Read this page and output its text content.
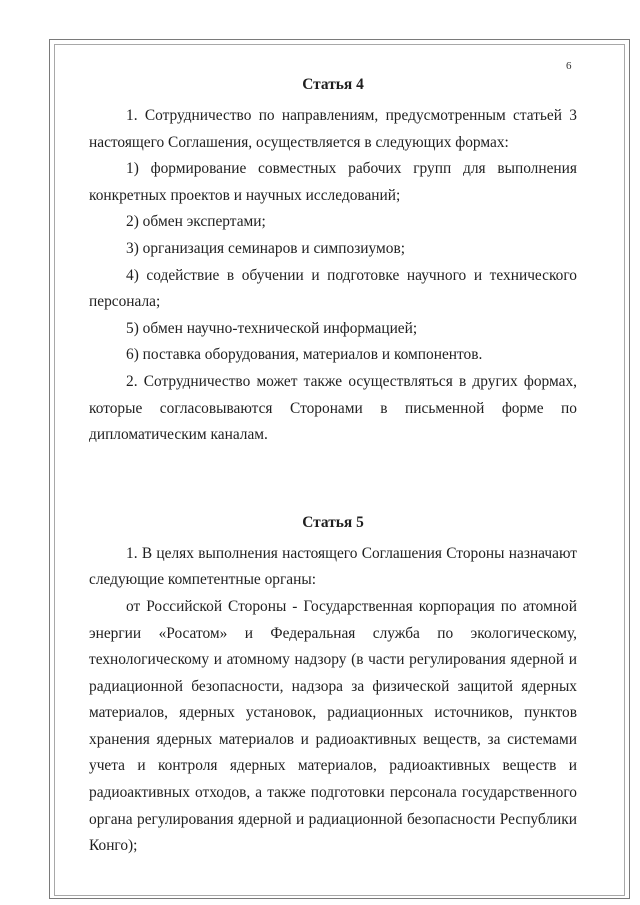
6
Статья 4

1. Сотрудничество по направлениям, предусмотренным статьей 3 настоящего Соглашения, осуществляется в следующих формах:

1) формирование совместных рабочих групп для выполнения конкретных проектов и научных исследований;

2) обмен экспертами;

3) организация семинаров и симпозиумов;

4) содействие в обучении и подготовке научного и технического персонала;

5) обмен научно-технической информацией;

6) поставка оборудования, материалов и компонентов.

2. Сотрудничество может также осуществляться в других формах, которые согласовываются Сторонами в письменной форме по дипломатическим каналам.

Статья 5

1. В целях выполнения настоящего Соглашения Стороны назначают следующие компетентные органы:

от Российской Стороны - Государственная корпорация по атомной энергии «Росатом» и Федеральная служба по экологическому, технологическому и атомному надзору (в части регулирования ядерной и радиационной безопасности, надзора за физической защитой ядерных материалов, ядерных установок, радиационных источников, пунктов хранения ядерных материалов и радиоактивных веществ, за системами учета и контроля ядерных материалов, радиоактивных веществ и радиоактивных отходов, а также подготовки персонала государственного органа регулирования ядерной и радиационной безопасности Республики Конго);
